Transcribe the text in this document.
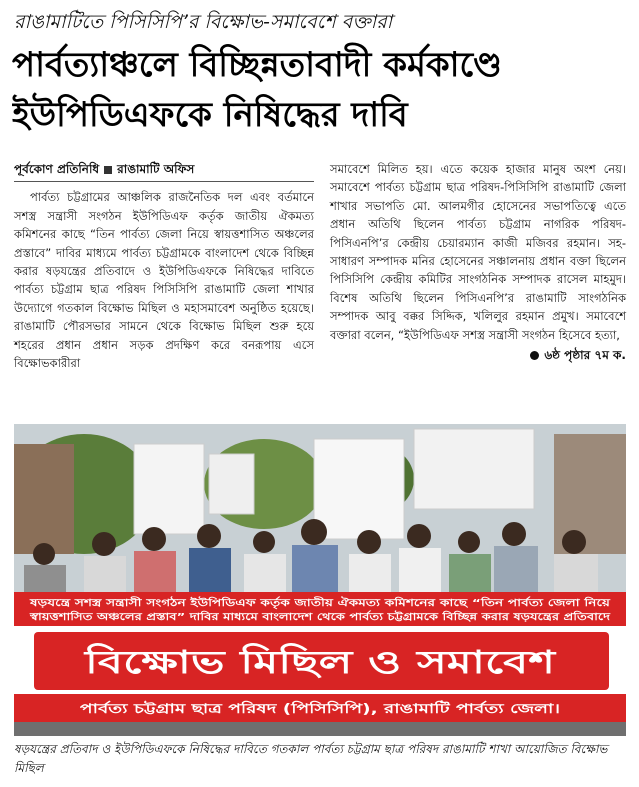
রাঙামাটিতে পিসিসিপি’র বিক্ষোভ-সমাবেশে বক্তারা
পার্বত্যাঞ্চলে বিচ্ছিন্নতাবাদী কর্মকাণ্ডে
ইউপিডিএফকে নিষিদ্ধের দাবি
পূর্বকোণ প্রতিনিধি রাঙামাটি অফিস
পার্বত্য চট্টগ্রামের আঞ্চলিক রাজনৈতিক দল এবং বর্তমানে সশস্ত্র সন্ত্রাসী সংগঠন ইউপিডিএফ কর্তৃক জাতীয় ঐকমত্য কমিশনের কাছে “তিন পার্বত্য জেলা নিয়ে স্বায়ত্তশাসিত অঞ্চলের প্রস্তাবে” দাবির মাধ্যমে পার্বত্য চট্টগ্রামকে বাংলাদেশ থেকে বিচ্ছিন্ন করার ষড়যন্ত্রের প্রতিবাদে ও ইউপিডিএফকে নিষিদ্ধের দাবিতে পার্বত্য চট্টগ্রাম ছাত্র পরিষদ পিসিসিপি রাঙামাটি জেলা শাখার উদ্যোগে গতকাল বিক্ষোভ মিছিল ও মহাসমাবেশ অনুষ্ঠিত হয়েছে। রাঙামাটি পৌরসভার সামনে থেকে বিক্ষোভ মিছিল শুরু হয়ে শহরের প্রধান প্রধান সড়ক প্রদক্ষিণ করে বনরূপায় এসে বিক্ষোভকারীরা
সমাবেশে মিলিত হয়। এতে কয়েক হাজার মানুষ অংশ নেয়। সমাবেশে পার্বত্য চট্টগ্রাম ছাত্র পরিষদ-পিসিসিপি রাঙামাটি জেলা শাখার সভাপতি মো. আলমগীর হোসেনের সভাপতিত্বে এতে প্রধান অতিথি ছিলেন পার্বত্য চট্টগ্রাম নাগরিক পরিষদ-পিসিএনপি’র কেন্দ্রীয় চেয়ারম্যান কাজী মজিবর রহমান। সহ-সাধারণ সম্পাদক মনির হোসেনের সঞ্চালনায় প্রধান বক্তা ছিলেন পিসিসিপি কেন্দ্রীয় কমিটির সাংগঠনিক সম্পাদক রাসেল মাহমুদ। বিশেষ অতিথি ছিলেন পিসিএনপি’র রাঙামাটি সাংগঠনিক সম্পাদক আবু বক্কর সিদ্দিক, খলিলুর রহমান প্রমুখ। সমাবেশে বক্তারা বলেন, “ইউপিডিএফ সশস্ত্র সন্ত্রাসী সংগঠন হিসেবে হত্যা,
৬ষ্ঠ পৃষ্ঠার ৭ম ক.
ষড়যন্ত্রে সশস্ত্র সন্ত্রাসী সংগঠন ইউপিডিএফ কর্তৃক জাতীয় ঐকমত্য কমিশনের কাছে “তিন পার্বত্য জেলা নিয়ে
স্বায়ত্তশাসিত অঞ্চলের প্রস্তাব” দাবির মাধ্যমে বাংলাদেশ থেকে পার্বত্য চট্টগ্রামকে বিচ্ছিন্ন করার ষড়যন্ত্রের প্রতিবাদে
বিক্ষোভ মিছিল ও সমাবেশ
পার্বত্য চট্টগ্রাম ছাত্র পরিষদ (পিসিসিপি), রাঙামাটি পার্বত্য জেলা।
ষড়যন্ত্রের প্রতিবাদ ও ইউপিডিএফকে নিষিদ্ধের দাবিতে গতকাল পার্বত্য চট্টগ্রাম ছাত্র পরিষদ রাঙামাটি শাখা আয়োজিত বিক্ষোভ মিছিল
